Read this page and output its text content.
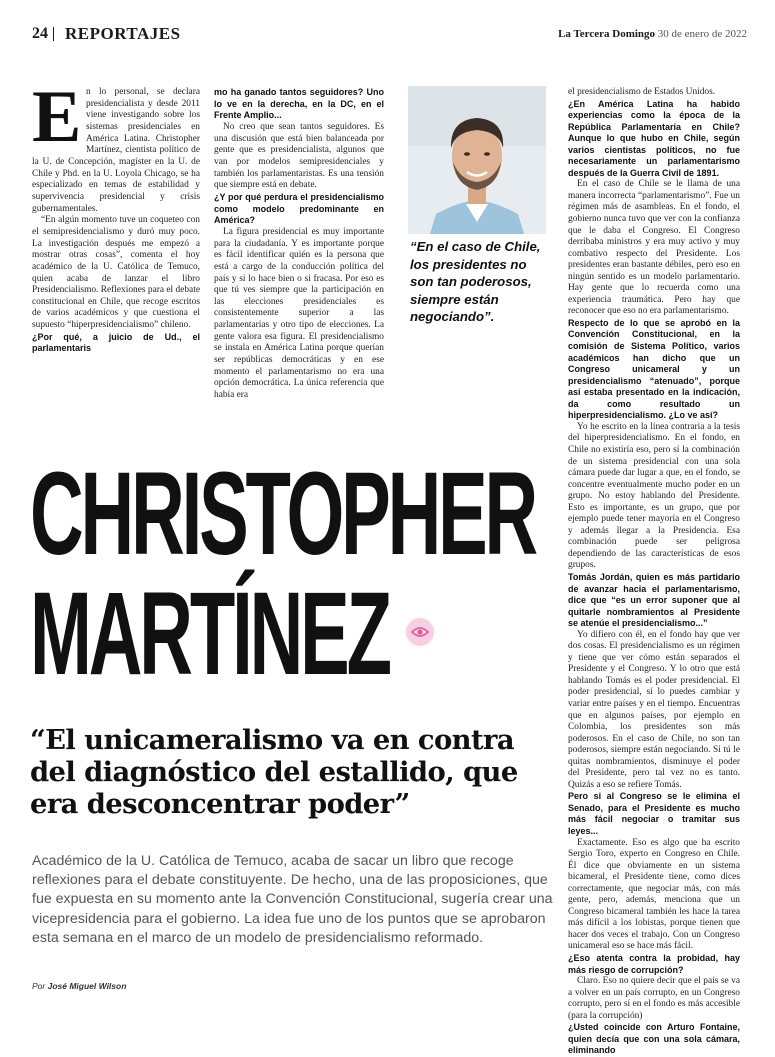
24 REPORTAJES	La Tercera Domingo 30 de enero de 2022
E n lo personal, se declara presidencialista y desde 2011 viene investigando sobre los sistemas presidenciales en América Latina. Christopher Martínez, cientista político de la U. de Concepción, magíster en la U. de Chile y Phd. en la U. Loyola Chicago, se ha especializado en temas de estabilidad y supervivencia presidencial y crisis gubernamentales.

“En algún momento tuve un coqueteo con el semipresidencialismo y duró muy poco. La investigación después me empezó a mostrar otras cosas”, comenta el hoy académico de la U. Católica de Temuco, quien acaba de lanzar el libro Presidencialismo. Reflexiones para el debate constitucional en Chile, que recoge escritos de varios académicos y que cuestiona el supuesto “hiperpresidencialismo” chileno.

¿Por qué, a juicio de Ud., el parlamentaris

mo ha ganado tantos seguidores? Uno lo ve en la derecha, en la DC, en el Frente Amplio...

No creo que sean tantos seguidores. Es una discusión que está bien balanceada por gente que es presidencialista, algunos que van por modelos semipresidenciales y también los parlamentaristas. Es una tensión que siempre está en debate.

¿Y por qué perdura el presidencialismo como modelo predominante en América?

La figura presidencial es muy importante para la ciudadanía. Y es importante porque es fácil identificar quién es la persona que está a cargo de la conducción política del país y si lo hace bien o si fracasa. Por eso es que tú ves siempre que la participación en las elecciones presidenciales es consistentemente superior a las parlamentarias y otro tipo de elecciones. La gente valora esa figura. El presidencialismo se instala en América Latina porque querían ser repúblicas democráticas y en ese momento el parlamentarismo no era una opción democrática. La única referencia que había era

“En el caso de Chile, los presidentes no son tan poderosos, siempre están negociando”.

el presidencialismo de Estados Unidos.

¿En América Latina ha habido experiencias como la época de la República Parlamentaria en Chile? Aunque lo que hubo en Chile, según varios cientistas políticos, no fue necesariamente un parlamentarismo después de la Guerra Civil de 1891.

En el caso de Chile se le llama de una manera incorrecta “parlamentarismo”. Fue un régimen más de asambleas. En el fondo, el gobierno nunca tuvo que ver con la confianza que le daba el Congreso. El Congreso derribaba ministros y era muy activo y muy combativo respecto del Presidente. Los presidentes eran bastante débiles, pero eso en ningún sentido es un modelo parlamentario. Hay gente que lo recuerda como una experiencia traumática. Pero hay que reconocer que eso no era parlamentarismo.

Respecto de lo que se aprobó en la Convención Constitucional, en la comisión de Sistema Político, varios académicos han dicho que un Congreso unicameral y un presidencialismo “atenuado”, porque así estaba presentado en la indicación, da como resultado un hiperpresidencialismo. ¿Lo ve así?

Yo he escrito en la línea contraria a la tesis del hiperpresidencialismo. En el fondo, en Chile no existiría eso, pero sí la combinación de un sistema presidencial con una sola cámara puede dar lugar a que, en el fondo, se concentre eventualmente mucho poder en un grupo. No estoy hablando del Presidente. Esto es importante, es un grupo, que por ejemplo puede tener mayoría en el Congreso y además llegar a la Presidencia. Esa combinación puede ser peligrosa dependiendo de las características de esos grupos.

Tomás Jordán, quien es más partidario de avanzar hacia el parlamentarismo, dice que “es un error suponer que al quitarle nombramientos al Presidente se atenúe el presidencialismo...”

Yo difiero con él, en el fondo hay que ver dos cosas. El presidencialismo es un régimen y tiene que ver cómo están separados el Presidente y el Congreso. Y lo otro que está hablando Tomás es el poder presidencial. El poder presidencial, sí lo puedes cambiar y variar entre países y en el tiempo. Encuentras que en algunos países, por ejemplo en Colombia, los presidentes son más poderosos. En el caso de Chile, no son tan poderosos, siempre están negociando. Si tú le quitas nombramientos, disminuye el poder del Presidente, pero tal vez no es tanto. Quizás a eso se refiere Tomás.

Pero si al Congreso se le elimina el Senado, para el Presidente es mucho más fácil negociar o tramitar sus leyes...

Exactamente. Eso es algo que ha escrito Sergio Toro, experto en Congreso en Chile. Él dice que obviamente en un sistema bicameral, el Presidente tiene, como dices correctamente, que negociar más, con más gente, pero, además, menciona que un Congreso bicameral también les hace la tarea más difícil a los lobistas, porque tienen que hacer dos veces el trabajo. Con un Congreso unicameral eso se hace más fácil.

¿Eso atenta contra la probidad, hay más riesgo de corrupción?

Claro. Eso no quiere decir que el país se va a volver en un país corrupto, en un Congreso corrupto, pero sí en el fondo es más accesible (para la corrupción)

¿Usted coincide con Arturo Fontaine, quien decía que con una sola cámara, eliminando

CHRISTOPHER
MARTÍNEZ
“El unicameralismo va en contra del diagnóstico del estallido, que era desconcentrar poder”
Académico de la U. Católica de Temuco, acaba de sacar un libro que recoge reflexiones para el debate constituyente. De hecho, una de las proposiciones, que fue expuesta en su momento ante la Convención Constitucional, sugería crear una vicepresidencia para el gobierno. La idea fue uno de los puntos que se aprobaron esta semana en el marco de un modelo de presidencialismo reformado.
Por José Miguel Wilson
